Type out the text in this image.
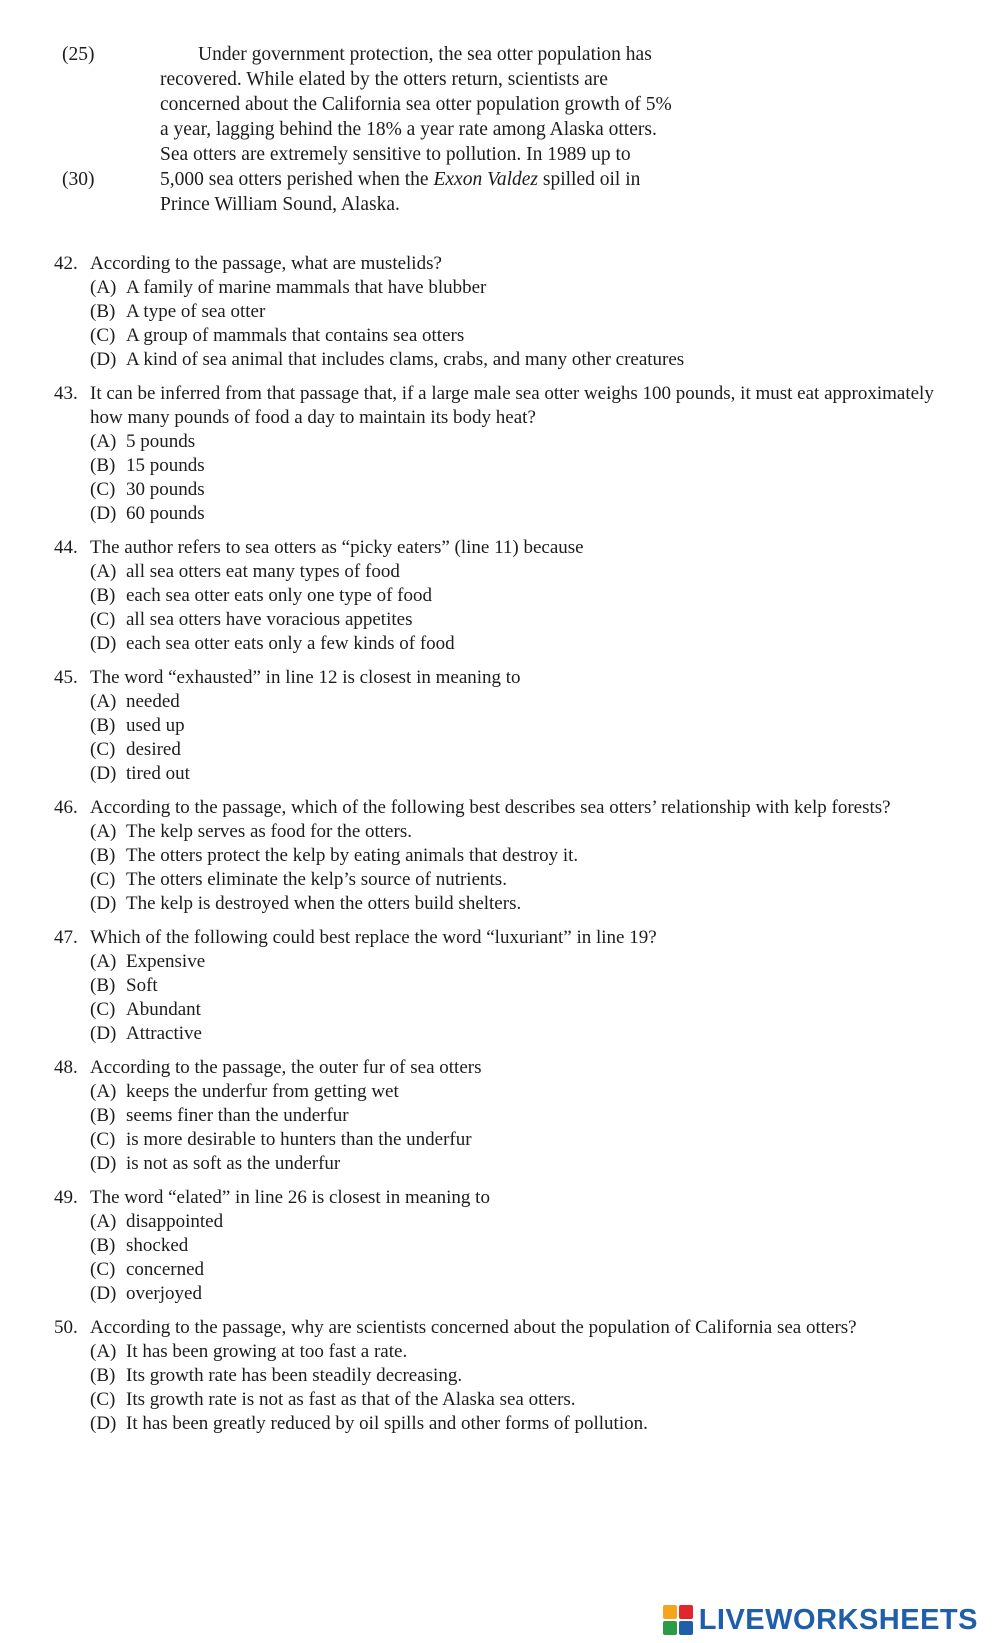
(25)	Under government protection, the sea otter population has
recovered. While elated by the otters return, scientists are
concerned about the California sea otter population growth of 5%
a year, lagging behind the 18% a year rate among Alaska otters.
Sea otters are extremely sensitive to pollution. In 1989 up to
(30)	5,000 sea otters perished when the Exxon Valdez spilled oil in
Prince William Sound, Alaska.
42. According to the passage, what are mustelids?
(A) A family of marine mammals that have blubber
(B) A type of sea otter
(C) A group of mammals that contains sea otters
(D) A kind of sea animal that includes clams, crabs, and many other creatures
43. It can be inferred from that passage that, if a large male sea otter weighs 100 pounds, it must eat approximately how many pounds of food a day to maintain its body heat?
(A) 5 pounds
(B) 15 pounds
(C) 30 pounds
(D) 60 pounds
44. The author refers to sea otters as “picky eaters” (line 11) because
(A) all sea otters eat many types of food
(B) each sea otter eats only one type of food
(C) all sea otters have voracious appetites
(D) each sea otter eats only a few kinds of food
45. The word “exhausted” in line 12 is closest in meaning to
(A) needed
(B) used up
(C) desired
(D) tired out
46. According to the passage, which of the following best describes sea otters’ relationship with kelp forests?
(A) The kelp serves as food for the otters.
(B) The otters protect the kelp by eating animals that destroy it.
(C) The otters eliminate the kelp’s source of nutrients.
(D) The kelp is destroyed when the otters build shelters.
47. Which of the following could best replace the word “luxuriant” in line 19?
(A) Expensive
(B) Soft
(C) Abundant
(D) Attractive
48. According to the passage, the outer fur of sea otters
(A) keeps the underfur from getting wet
(B) seems finer than the underfur
(C) is more desirable to hunters than the underfur
(D) is not as soft as the underfur
49. The word “elated” in line 26 is closest in meaning to
(A) disappointed
(B) shocked
(C) concerned
(D) overjoyed
50. According to the passage, why are scientists concerned about the population of California sea otters?
(A) It has been growing at too fast a rate.
(B) Its growth rate has been steadily decreasing.
(C) Its growth rate is not as fast as that of the Alaska sea otters.
(D) It has been greatly reduced by oil spills and other forms of pollution.
LIVEWORKSHEETS
